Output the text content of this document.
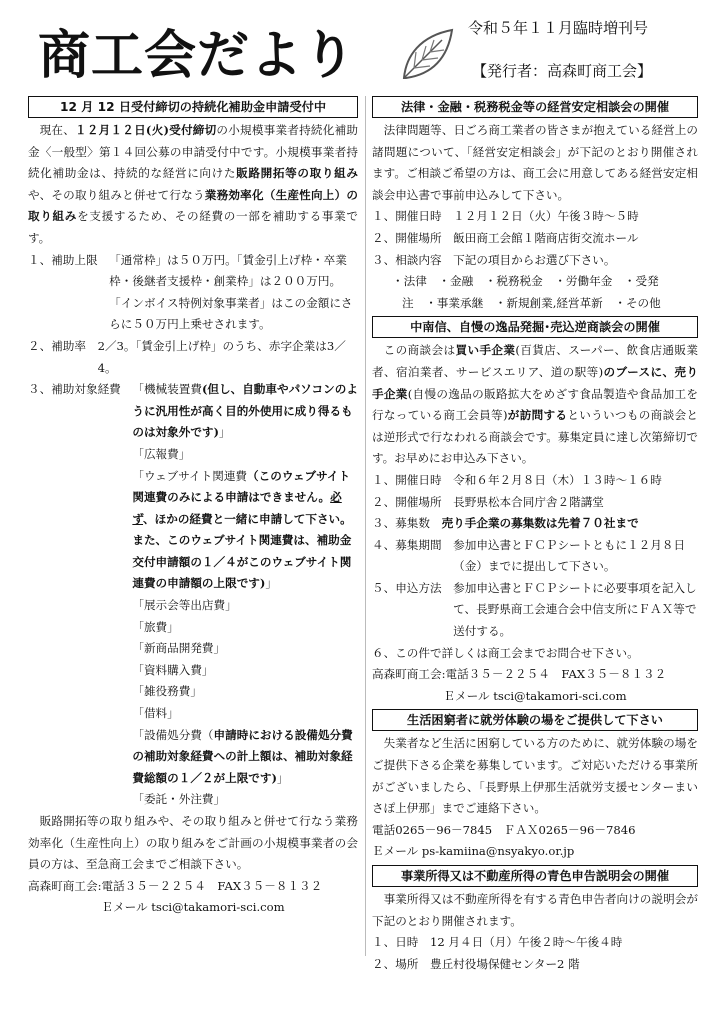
商工会だより	令和５年１１月臨時増刊号
【発行者：高森町商工会】
12 月 12 日受付締切の持続化補助金申請受付中

現在、１２月１２日(火)受付締切の小規模事業者持続化補助金〈一般型〉第１４回公募の申請受付中です。小規模事業者持続化補助金は、持続的な経営に向けた販路開拓等の取り組みや、その取り組みと併せて行なう業務効率化（生産性向上）の取り組みを支援するため、その経費の一部を補助する事業です。

１、補助上限　 「通常枠」は５０万円。「賃金引上げ枠・卒業枠・後継者支援枠・創業枠」は２００万円。「インボイス特例対象事業者」はこの金額にさらに５０万円上乗せされます。
２、補助率　 2／3。「賃金引上げ枠」のうち、赤字企業は3／4。
３、補助対象経費　 「機械装置費(但し、自動車やパソコンのように汎用性が高く目的外使用に成り得るものは対象外です)」
「広報費」
「ウェブサイト関連費（このウェブサイト関連費のみによる申請はできません。必ず、ほかの経費と一緒に申請して下さい。また、このウェブサイト関連費は、補助金交付申請額の１／４がこのウェブサイト関連費の申請額の上限です)」
「展示会等出店費」
「旅費」
「新商品開発費」
「資料購入費」
「雑役務費」
「借料」
「設備処分費（申請時における設備処分費の補助対象経費への計上額は、補助対象経費総額の１／２が上限です)」
「委託・外注費」

販路開拓等の取り組みや、その取り組みと併せて行なう業務効率化（生産性向上）の取り組みをご計画の小規模事業者の会員の方は、至急商工会までご相談下さい。

高森町商工会:電話３５－２２５４　FAX３５－８１３２
Ｅメール tsci@takamori-sci.com
法律・金融・税務税金等の経営安定相談会の開催

法律問題等、日ごろ商工業者の皆さまが抱えている経営上の諸問題について、「経営安定相談会」が下記のとおり開催されます。ご相談ご希望の方は、商工会に用意してある経営安定相談会申込書で事前申込みして下さい。

１、開催日時　１２月１２日（火）午後３時～５時
２、開催場所　飯田商工会館１階商店街交流ホール
３、相談内容　下記の項目からお選び下さい。
・法律　・金融　・税務税金　・労働年金　・受発
注　・事業承継　・新規創業,経営革新　・その他
中南信、自慢の逸品発掘･売込逆商談会の開催

この商談会は買い手企業(百貨店、スーパー、飲食店通販業者、宿泊業者、サービスエリア、道の駅等)のブースに、売り手企業(自慢の逸品の販路拡大をめざす食品製造や食品加工を行なっている商工会員等)が訪問するといういつもの商談会とは逆形式で行なわれる商談会です。募集定員に達し次第締切です。お早めにお申込み下さい。

１、開催日時　令和６年２月８日（木）１３時～１６時
２、開催場所　長野県松本合同庁舎２階講堂
３、募集数　 売り手企業の募集数は先着７０社まで
４、募集期間　 参加申込書とＦＣＰシートともに１２月８日（金）までに提出して下さい。
５、申込方法　 参加申込書とＦＣＰシートに必要事項を記入して、長野県商工会連合会中信支所にＦＡＸ等で送付する。
６、この件で詳しくは商工会までお問合せ下さい。
高森町商工会:電話３５－２２５４　FAX３５－８１３２
Ｅメール tsci@takamori-sci.com
生活困窮者に就労体験の場をご提供して下さい

失業者など生活に困窮している方のために、就労体験の場をご提供下さる企業を募集しています。ご対応いただける事業所がございましたら、「長野県上伊那生活就労支援センターまいさぽ上伊那」までご連絡下さい。

電話0265－96－7845　ＦＡＸ0265－96－7846
Ｅメール ps-kamiina@nsyakyo.or.jp
事業所得又は不動産所得の青色申告説明会の開催

事業所得又は不動産所得を有する青色申告者向けの説明会が下記のとおり開催されます。

１、日時　12 月４日（月）午後２時～午後４時
２、場所　豊丘村役場保健センター2 階
